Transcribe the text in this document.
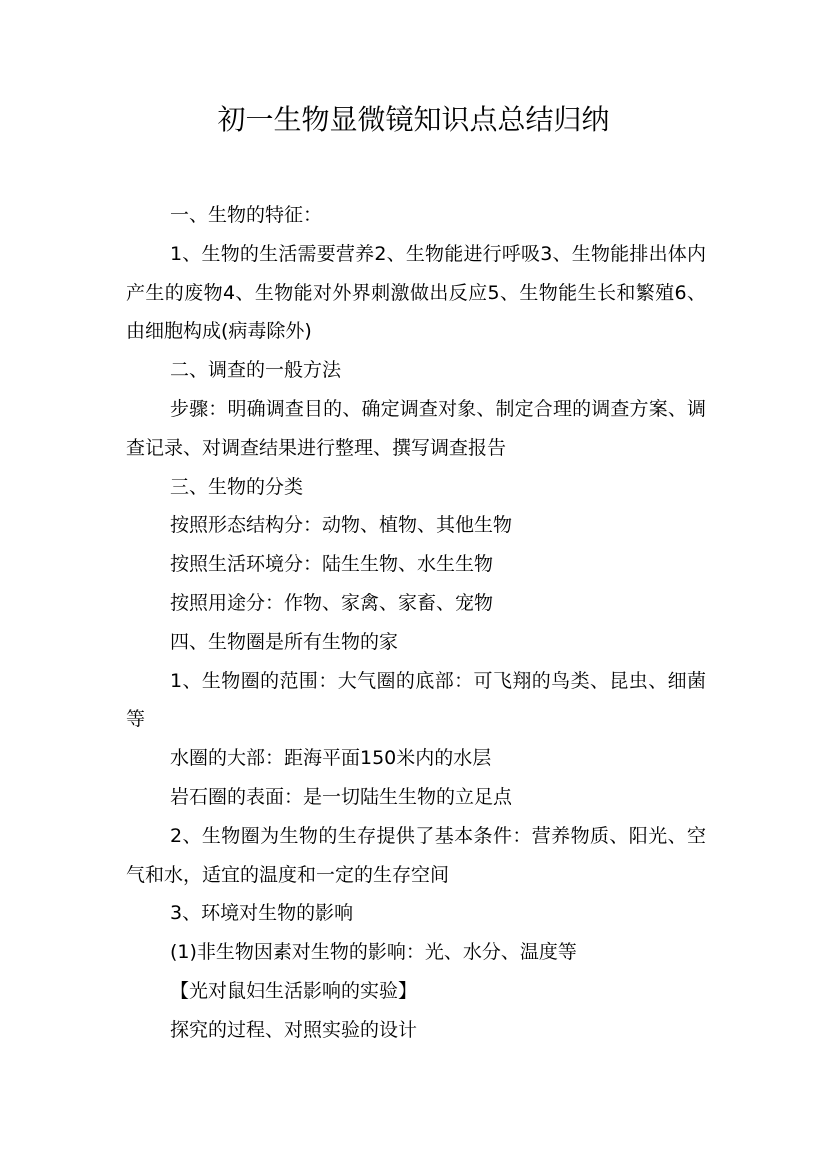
初一生物显微镜知识点总结归纳

一、生物的特征：

1、生物的生活需要营养2、生物能进行呼吸3、生物能排出体内产生的废物4、生物能对外界刺激做出反应5、生物能生长和繁殖6、由细胞构成(病毒除外)

二、调查的一般方法

步骤：明确调查目的、确定调查对象、制定合理的调查方案、调查记录、对调查结果进行整理、撰写调查报告

三、生物的分类

按照形态结构分：动物、植物、其他生物

按照生活环境分：陆生生物、水生生物

按照用途分：作物、家禽、家畜、宠物

四、生物圈是所有生物的家

1、生物圈的范围：大气圈的底部：可飞翔的鸟类、昆虫、细菌等

水圈的大部：距海平面150米内的水层

岩石圈的表面：是一切陆生生物的立足点

2、生物圈为生物的生存提供了基本条件：营养物质、阳光、空气和水，适宜的温度和一定的生存空间

3、环境对生物的影响

(1)非生物因素对生物的影响：光、水分、温度等

【光对鼠妇生活影响的实验】

探究的过程、对照实验的设计
